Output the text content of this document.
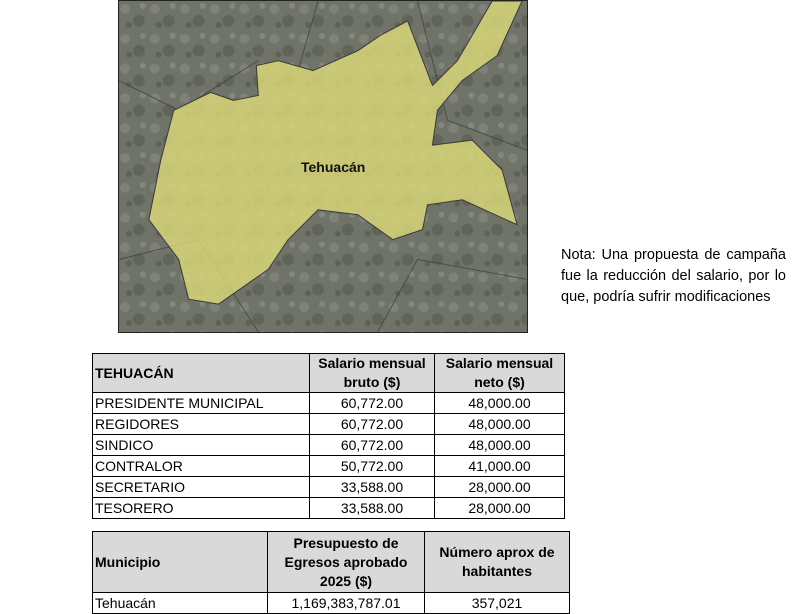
Tehuacán
Nota: Una propuesta de campaña fue la reducción del salario, por lo que, podría sufrir modificaciones
TEHUACÁN	Salario mensual bruto ($)	Salario mensual neto ($)
PRESIDENTE MUNICIPAL	60,772.00	48,000.00
REGIDORES	60,772.00	48,000.00
SINDICO	60,772.00	48,000.00
CONTRALOR	50,772.00	41,000.00
SECRETARIO	33,588.00	28,000.00
TESORERO	33,588.00	28,000.00
Municipio	Presupuesto de Egresos aprobado 2025 ($)	Número aprox de habitantes
Tehuacán	1,169,383,787.01	357,021
